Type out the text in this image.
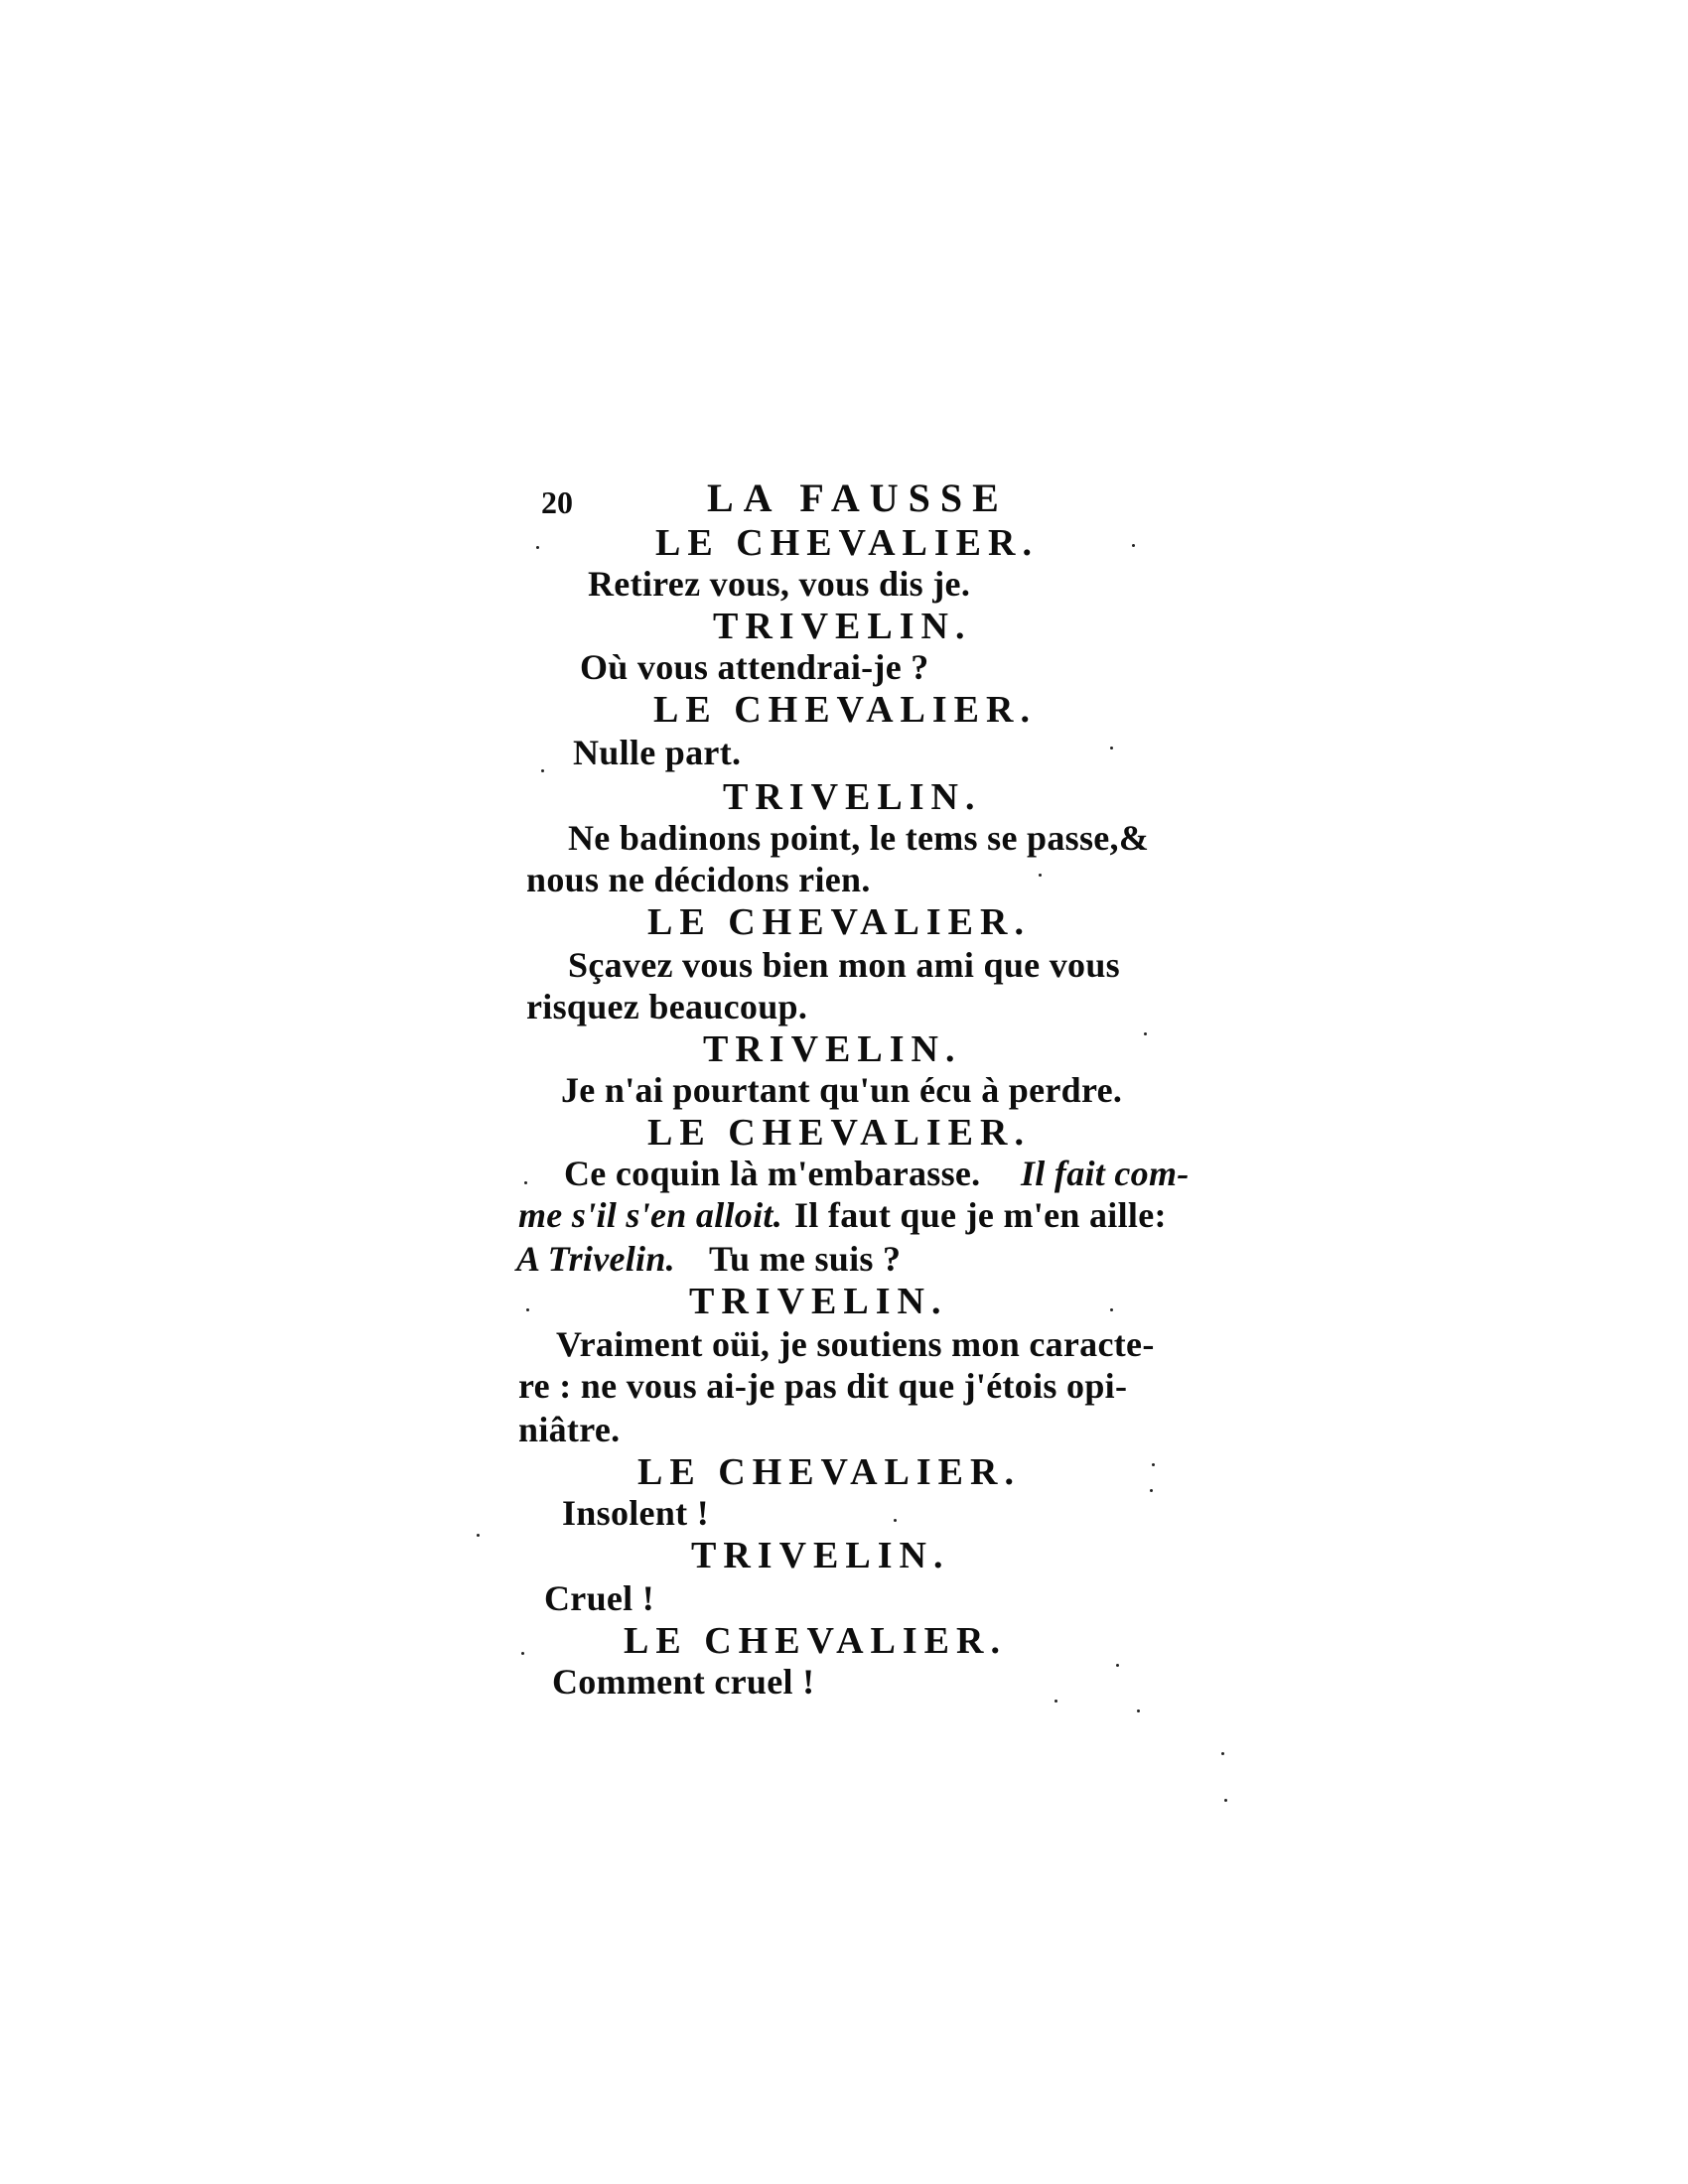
20	LA FAUSSE
LE CHEVALIER.
Retirez vous, vous dis je.
TRIVELIN.
Où vous attendrai-je ?
LE CHEVALIER.
Nulle part.
TRIVELIN.
Ne badinons point, le tems se passe,&
nous ne décidons rien.
LE CHEVALIER.
Sçavez vous bien mon ami que vous
risquez beaucoup.
TRIVELIN.
Je n'ai pourtant qu'un écu à perdre.
LE CHEVALIER.
Ce coquin là m'embarasse. Il fait com-
me s'il s'en alloit. Il faut que je m'en aille:
A Trivelin. Tu me suis ?
TRIVELIN.
Vraiment oüi, je soutiens mon caracte-
re : ne vous ai-je pas dit que j'étois opi-
niâtre.
LE CHEVALIER.
Insolent !
TRIVELIN.
Cruel !
LE CHEVALIER.
Comment cruel !
